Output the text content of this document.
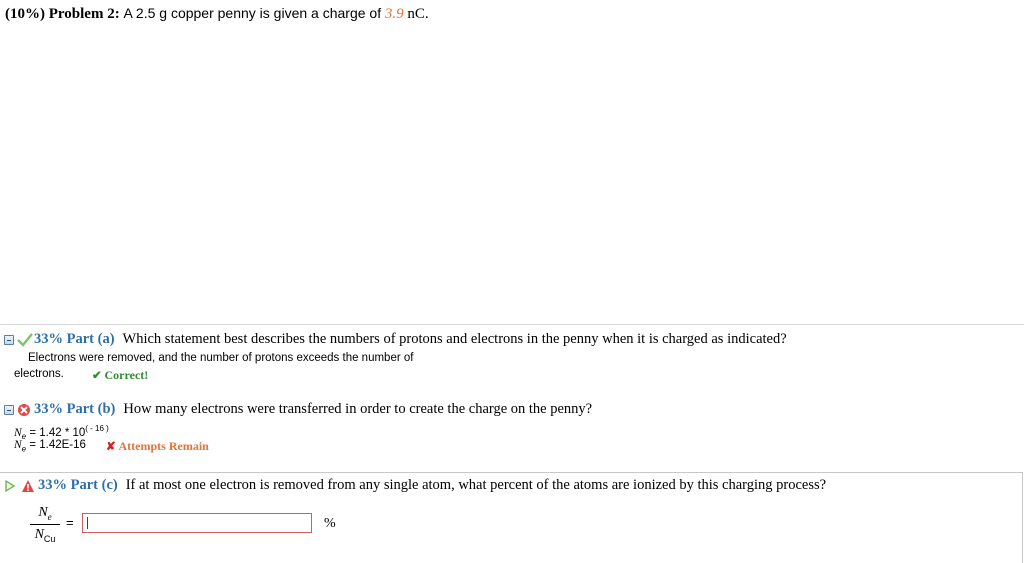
(10%) Problem 2: A 2.5 g copper penny is given a charge of 3.9 nC.
33% Part (a) Which statement best describes the numbers of protons and electrons in the penny when it is charged as indicated?
Electrons were removed, and the number of protons exceeds the number of
electrons. ✔ Correct!
33% Part (b) How many electrons were transferred in order to create the charge on the penny?
$N_e = 1.42 * 10^{( - 16 )}$
$N_e = 1.42E-16$ ✘ Attempts Remain
33% Part (c) If at most one electron is removed from any single atom, what percent of the atoms are ionized by this charging process?
$N_e$
$N_{Cu}$
=	%
